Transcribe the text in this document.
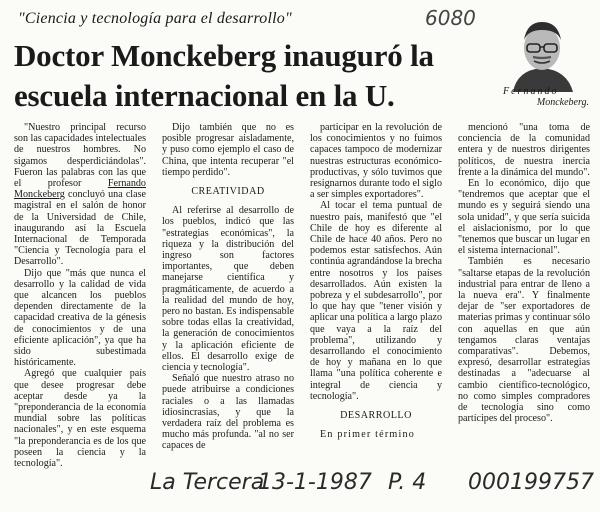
"Ciencia y tecnología para el desarrollo"	6080
Doctor Monckeberg inauguró la escuela internacional en la U.	Fernando
Monckeberg.

"Nuestro principal recurso son las capacidades intelectuales de nuestros hombres. No sigamos desperdiciándolas". Fueron las palabras con las que el profesor	Fernando Monckeberg concluyó una clase magistral en el salón de honor de la Universidad de Chile, inaugurando así la Escuela Internacional de Temporada "Ciencia y Tecnología para el Desarrollo".

Dijo que "más que nunca el desarrollo y la calidad de vida que alcancen los pueblos dependen directamente de la capacidad creativa de la génesis de conocimientos y de una eficiente aplicación", ya que ha sido subestimada históricamente.

Agregó que cualquier país que desee progresar debe aceptar desde ya la "preponderancia de la economía mundial sobre las políticas nacionales", y en este esquema "la preponderancia es de los que poseen la ciencia y la tecnología".

Dijo también que no es posible progresar aisladamente, y puso como ejemplo el caso de China, que intenta recuperar "el tiempo perdido".

CREATIVIDAD

Al referirse al desarrollo de los pueblos, indicó que las "estrategias económicas", la riqueza y la distribución del ingreso son factores importantes, que deben manejarse científica y pragmáticamente, de acuerdo a la realidad del mundo de hoy, pero no bastan. Es indispensable sobre todas ellas la creatividad, la generación de conocimientos y la aplicación eficiente de ellos. El desarrollo exige de ciencia y tecnología".

Señaló que nuestro atraso no puede atribuirse a condiciones raciales o a las llamadas idiosincrasias, y que la verdadera raíz del problema es mucho más profunda. "al no ser capaces de

participar en la revolución de los conocimientos y no fuimos capaces tampoco de modernizar nuestras estructuras económico-productivas, y sólo tuvimos que resignarnos durante todo el siglo a ser simples exportadores".

Al tocar el tema puntual de nuestro país, manifestó que "el Chile de hoy es diferente al Chile de hace 40 años. Pero no podemos estar satisfechos. Aún continúa agrandándose la brecha entre nosotros y los países desarrollados. Aún existen la pobreza y el subdesarrollo", por lo que hay que "tener visión y aplicar una política a largo plazo que vaya a la raíz del problema", utilizando y desarrollando el conocimiento de hoy y mañana en lo que llama "una política coherente e integral de ciencia y tecnología".

DESARROLLO

En primer término

mencionó "una toma de conciencia de la comunidad entera y de nuestros dirigentes políticos, de nuestra inercia frente a la dinámica del mundo".

En lo económico, dijo que "tendremos que aceptar que el mundo es y seguirá siendo una sola unidad", y que sería suicida el aislacionismo, por lo que "tenemos que buscar un lugar en el sistema internacional".

También es necesario "saltarse etapas de la revolución industrial para entrar de lleno a la nueva era". Y finalmente dejar de "ser exportadores de materias primas y continuar sólo con aquellas en que aún tengamos claras ventajas comparativas". Debemos, expresó, desarrollar estrategias destinadas a "adecuarse al cambio científico-tecnológico, no como simples compradores de tecnología sino como partícipes del proceso".

La Tercera
13-1-1987 P. 4 000199757
